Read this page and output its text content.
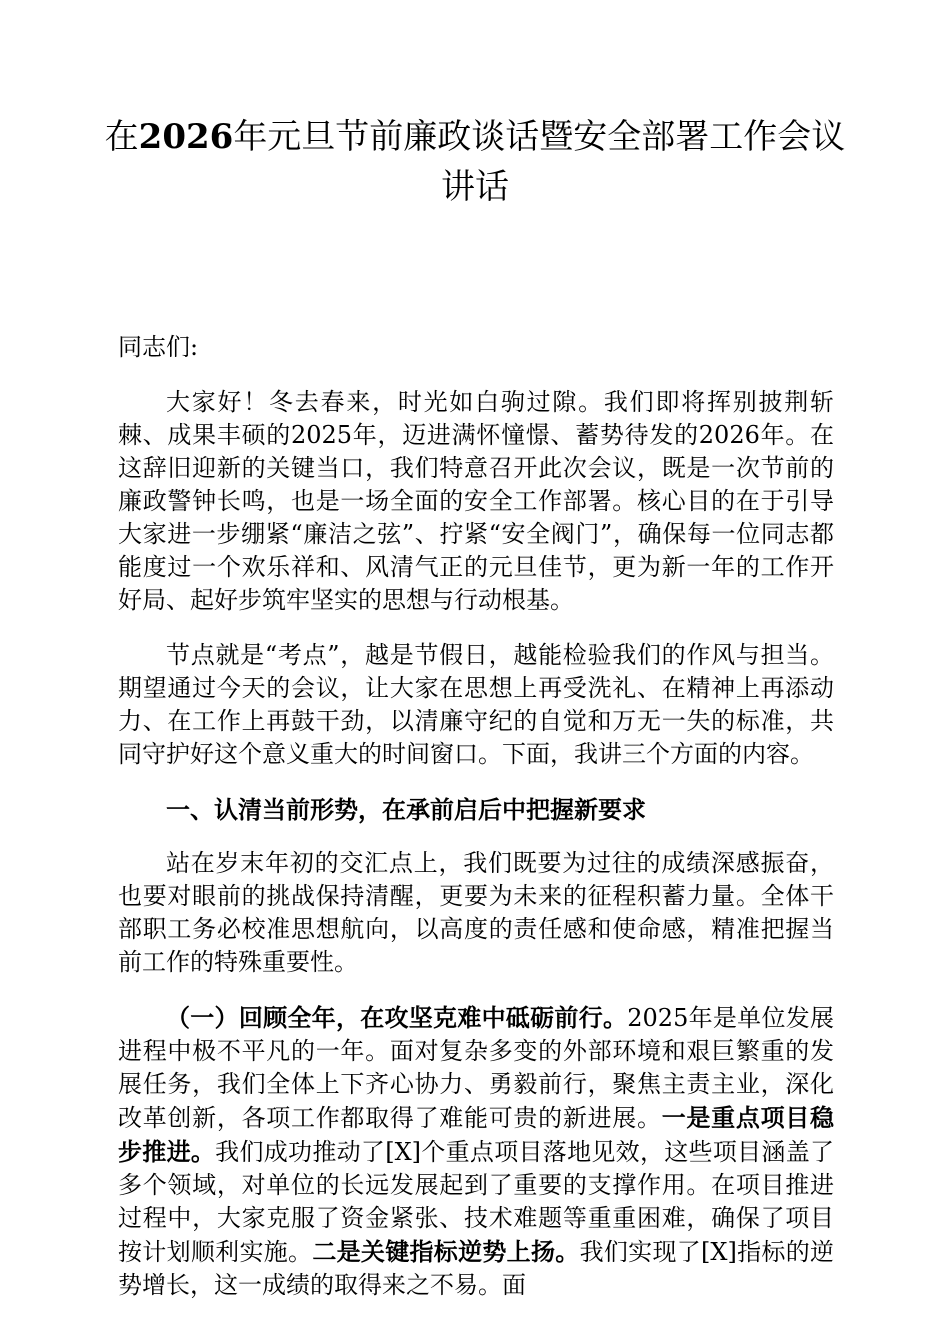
在2026年元旦节前廉政谈话暨安全部署工作会议讲话

同志们:

大家好！冬去春来，时光如白驹过隙。我们即将挥别披荆斩棘、成果丰硕的2025年，迈进满怀憧憬、蓄势待发的2026年。在这辞旧迎新的关键当口，我们特意召开此次会议，既是一次节前的廉政警钟长鸣，也是一场全面的安全工作部署。核心目的在于引导大家进一步绷紧“廉洁之弦”、拧紧“安全阀门”，确保每一位同志都能度过一个欢乐祥和、风清气正的元旦佳节，更为新一年的工作开好局、起好步筑牢坚实的思想与行动根基。

节点就是“考点”，越是节假日，越能检验我们的作风与担当。期望通过今天的会议，让大家在思想上再受洗礼、在精神上再添动力、在工作上再鼓干劲，以清廉守纪的自觉和万无一失的标准，共同守护好这个意义重大的时间窗口。下面，我讲三个方面的内容。

一、认清当前形势，在承前启后中把握新要求

站在岁末年初的交汇点上，我们既要为过往的成绩深感振奋，也要对眼前的挑战保持清醒，更要为未来的征程积蓄力量。全体干部职工务必校准思想航向，以高度的责任感和使命感，精准把握当前工作的特殊重要性。

（一）回顾全年，在攻坚克难中砥砺前行。2025年是单位发展进程中极不平凡的一年。面对复杂多变的外部环境和艰巨繁重的发展任务，我们全体上下齐心协力、勇毅前行，聚焦主责主业，深化改革创新，各项工作都取得了难能可贵的新进展。一是重点项目稳步推进。我们成功推动了[X]个重点项目落地见效，这些项目涵盖了多个领域，对单位的长远发展起到了重要的支撑作用。在项目推进过程中，大家克服了资金紧张、技术难题等重重困难，确保了项目按计划顺利实施。二是关键指标逆势上扬。我们实现了[X]指标的逆势增长，这一成绩的取得来之不易。面
